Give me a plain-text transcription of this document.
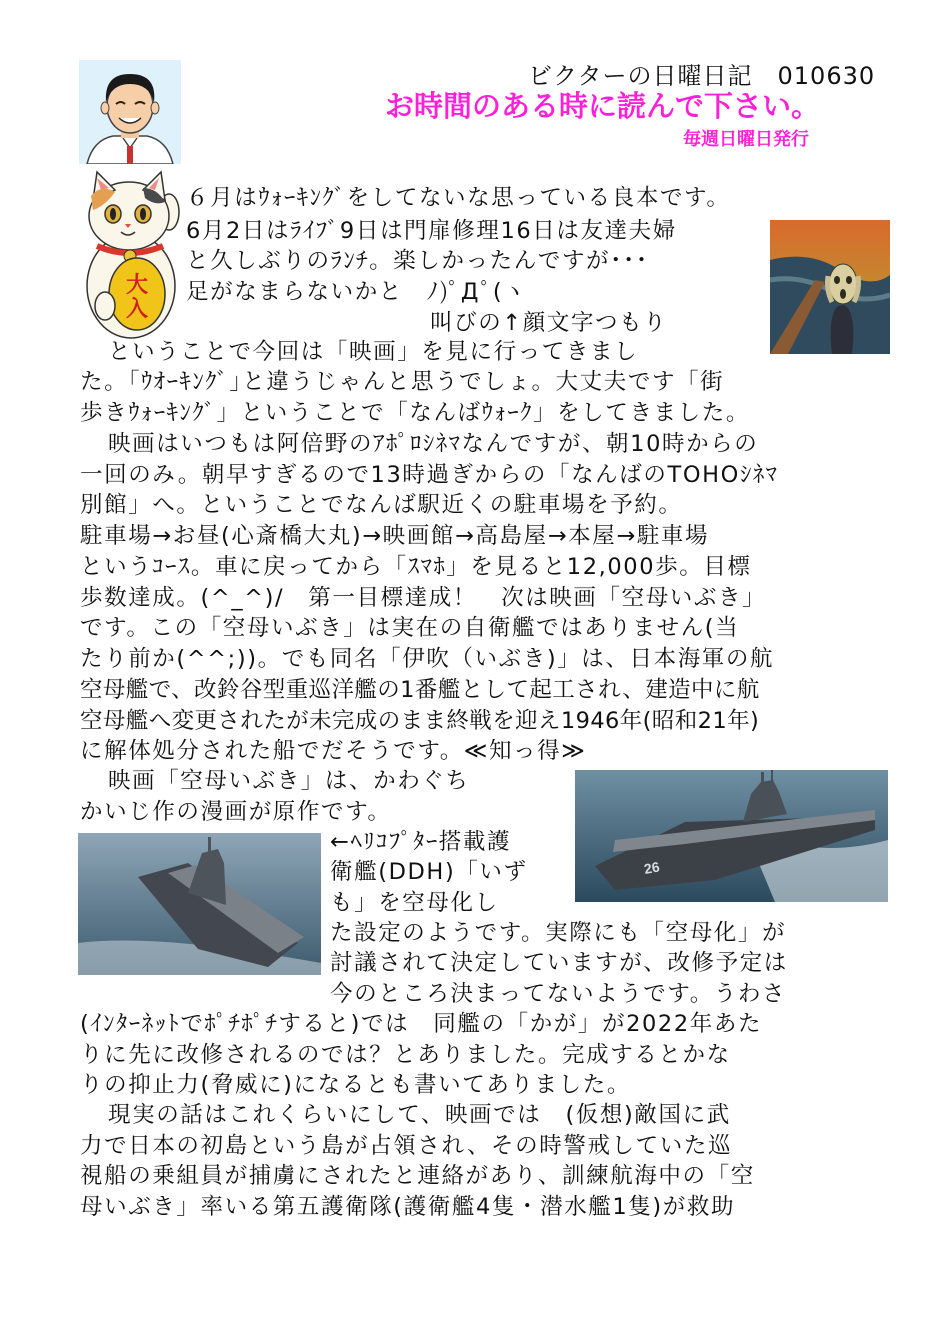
ビクターの日曜日記　010630
お時間のある時に読んで下さい。
毎週日曜日発行
大
入
26
６月はｳｫｰｷﾝｸﾞをしてないな思っている良本です。
6月2日はﾗｲﾌﾞ9日は門扉修理16日は友達夫婦
と久しぶりのﾗﾝﾁ。楽しかったんですが･･･
足がなまらないかと　ﾉ)ﾟДﾟ(ヽ
叫びの↑顔文字つもり
ということで今回は「映画」を見に行ってきまし
た。｢ｳｵｰｷﾝｸﾞ｣と違うじゃんと思うでしょ。大丈夫です「街
歩きｳｫｰｷﾝｸﾞ」ということで「なんばｳｫｰｸ」をしてきました。
映画はいつもは阿倍野のｱﾎﾟﾛｼﾈﾏなんですが、朝10時からの
一回のみ。朝早すぎるので13時過ぎからの「なんばのTOHOｼﾈﾏ
別館」へ。ということでなんば駅近くの駐車場を予約。
駐車場→お昼(心斎橋大丸)→映画館→高島屋→本屋→駐車場
というｺｰｽ。車に戻ってから「ｽﾏﾎ」を見ると12,000歩。目標
歩数達成。(^_^)/　第一目標達成！　次は映画「空母いぶき」
です。この「空母いぶき」は実在の自衛艦ではありません(当
たり前か(^^;))。でも同名「伊吹（いぶき)」は、日本海軍の航
空母艦で、改鈴谷型重巡洋艦の1番艦として起工され、建造中に航
空母艦へ変更されたが未完成のまま終戦を迎え1946年(昭和21年)
に解体処分された船でだそうです。≪知っ得≫
映画「空母いぶき」は、かわぐち
かいじ作の漫画が原作です。
←ﾍﾘｺﾌﾟﾀｰ搭載護
衛艦(DDH)「いず
も」を空母化し
た設定のようです。実際にも「空母化」が
討議されて決定していますが、改修予定は
今のところ決まってないようです。うわさ
(ｲﾝﾀｰﾈｯﾄでﾎﾟﾁﾎﾟﾁすると)では　同艦の「かが」が2022年あた
りに先に改修されるのでは？とありました。完成するとかな
りの抑止力(脅威に)になるとも書いてありました。
現実の話はこれくらいにして、映画では　(仮想)敵国に武
力で日本の初島という島が占領され、その時警戒していた巡
視船の乗組員が捕虜にされたと連絡があり、訓練航海中の「空
母いぶき」率いる第五護衛隊(護衛艦4隻・潜水艦1隻)が救助
